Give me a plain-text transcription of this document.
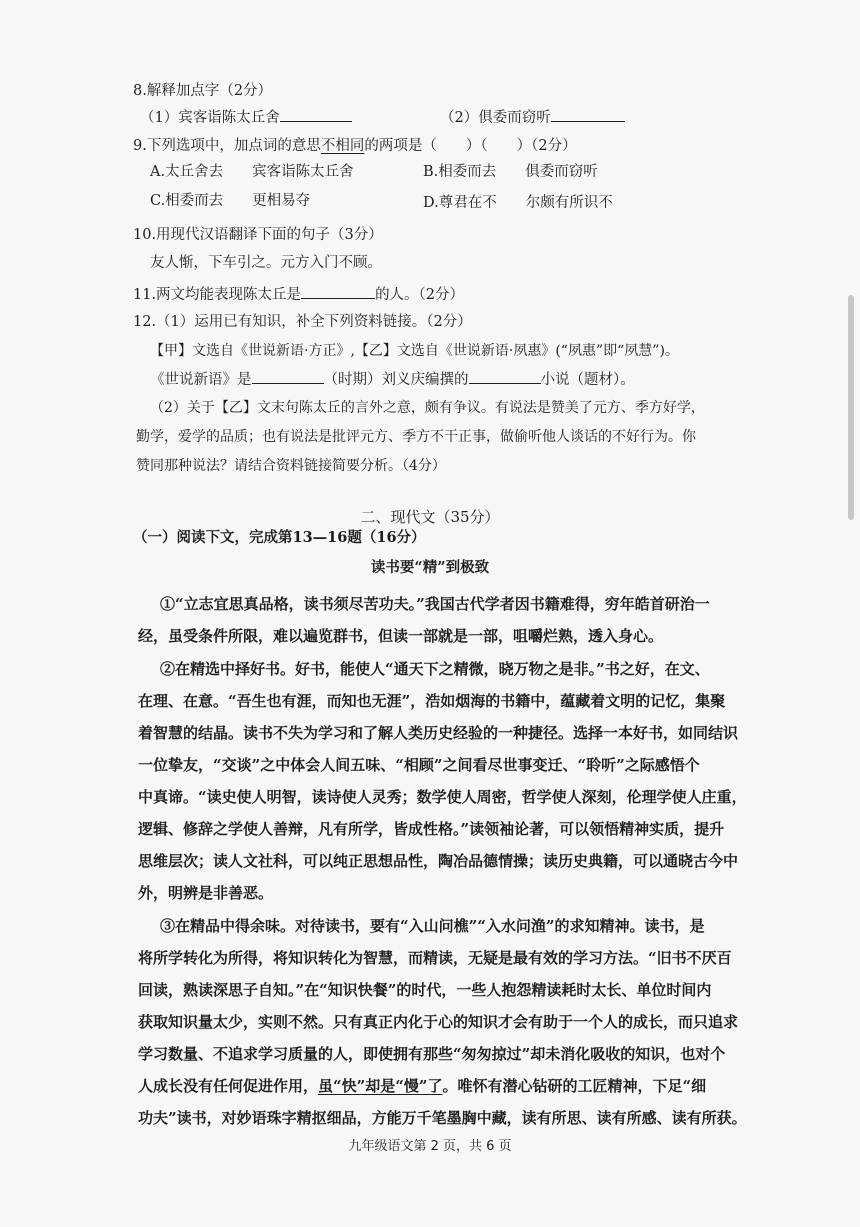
8.解释加点字（2分）
（1）宾客诣陈太丘舍	（2）俱委而窃听
9.下列选项中，加点词的意思不相同的两项是（　　）（　　）（2分）
A.太丘舍去　　宾客诣陈太丘舍	B.相委而去　　俱委而窃听
C.相委而去　　更相易夺	D.尊君在不　　尔颇有所识不
10.用现代汉语翻译下面的句子（3分）
友人惭，下车引之。元方入门不顾。
11.两文均能表现陈太丘是	的人。（2分）
12.（1）运用已有知识，补全下列资料链接。（2分）
【甲】文选自《世说新语·方正》,【乙】文选自《世说新语·夙惠》(“夙惠”即“夙慧”)。
《世说新语》是	（时期）刘义庆编撰的	小说（题材）。
（2）关于【乙】文末句陈太丘的言外之意，颇有争议。有说法是赞美了元方、季方好学，
勤学，爱学的品质；也有说法是批评元方、季方不干正事，做偷听他人谈话的不好行为。你
赞同那种说法？请结合资料链接简要分析。（4分）
二、现代文（35分）
（一）阅读下文，完成第13—16题（16分）
读书要“精”到极致
①“立志宜思真品格，读书须尽苦功夫。”我国古代学者因书籍难得，穷年皓首研治一
经，虽受条件所限，难以遍览群书，但读一部就是一部，咀嚼烂熟，透入身心。
②在精选中择好书。好书，能使人“通天下之精微，晓万物之是非。”书之好，在文、
在理、在意。“吾生也有涯，而知也无涯”，浩如烟海的书籍中，蕴藏着文明的记忆，集聚
着智慧的结晶。读书不失为学习和了解人类历史经验的一种捷径。选择一本好书，如同结识
一位挚友，“交谈”之中体会人间五味、“相顾”之间看尽世事变迁、“聆听”之际感悟个
中真谛。“读史使人明智，读诗使人灵秀；数学使人周密，哲学使人深刻，伦理学使人庄重，
逻辑、修辞之学使人善辩，凡有所学，皆成性格。”读领袖论著，可以领悟精神实质，提升
思维层次；读人文社科，可以纯正思想品性，陶冶品德情操；读历史典籍，可以通晓古今中
外，明辨是非善恶。
③在精品中得余味。对待读书，要有“入山问樵”“入水问渔”的求知精神。读书，是
将所学转化为所得，将知识转化为智慧，而精读，无疑是最有效的学习方法。“旧书不厌百
回读，熟读深思子自知。”在“知识快餐”的时代，一些人抱怨精读耗时太长、单位时间内
获取知识量太少，实则不然。只有真正内化于心的知识才会有助于一个人的成长，而只追求
学习数量、不追求学习质量的人，即使拥有那些“匆匆掠过”却未消化吸收的知识，也对个
人成长没有任何促进作用，虽“快”却是“慢”了。唯怀有潜心钻研的工匠精神，下足“细
功夫”读书，对妙语珠字精抠细品，方能万千笔墨胸中藏，读有所思、读有所感、读有所获。
九年级语文第 2 页，共 6 页
